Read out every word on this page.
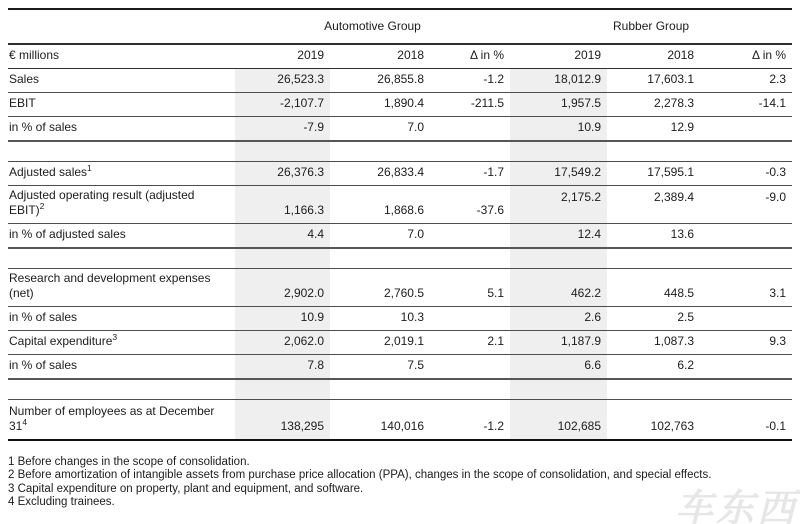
	Automotive Group			Rubber Group		
€ millions	2019	2018	Δ in %	2019	2018	Δ in %
Sales	26,523.3	26,855.8	-1.2	18,012.9	17,603.1	2.3
EBIT	-2,107.7	1,890.4	-211.5	1,957.5	2,278.3	-14.1
in % of sales	-7.9	7.0		10.9	12.9	

Adjusted sales$^1$	26,376.3	26,833.4	-1.7	17,549.2	17,595.1	-0.3
Adjusted operating result (adjusted EBIT)$^2$	1,166.3	1,868.6	-37.6	2,175.2	2,389.4	-9.0
in % of adjusted sales	4.4	7.0		12.4	13.6	

Research and development expenses (net)	2,902.0	2,760.5	5.1	462.2	448.5	3.1
in % of sales	10.9	10.3		2.6	2.5	
Capital expenditure$^3$	2,062.0	2,019.1	2.1	1,187.9	1,087.3	9.3
in % of sales	7.8	7.5		6.6	6.2	

Number of employees as at December $31^4$	138,295	140,016	-1.2	102,685	102,763	-0.1
1 Before changes in the scope of consolidation.
2 Before amortization of intangible assets from purchase price allocation (PPA), changes in the scope of consolidation, and special effects.
3 Capital expenditure on property, plant and equipment, and software.
4 Excluding trainees.	车东西
